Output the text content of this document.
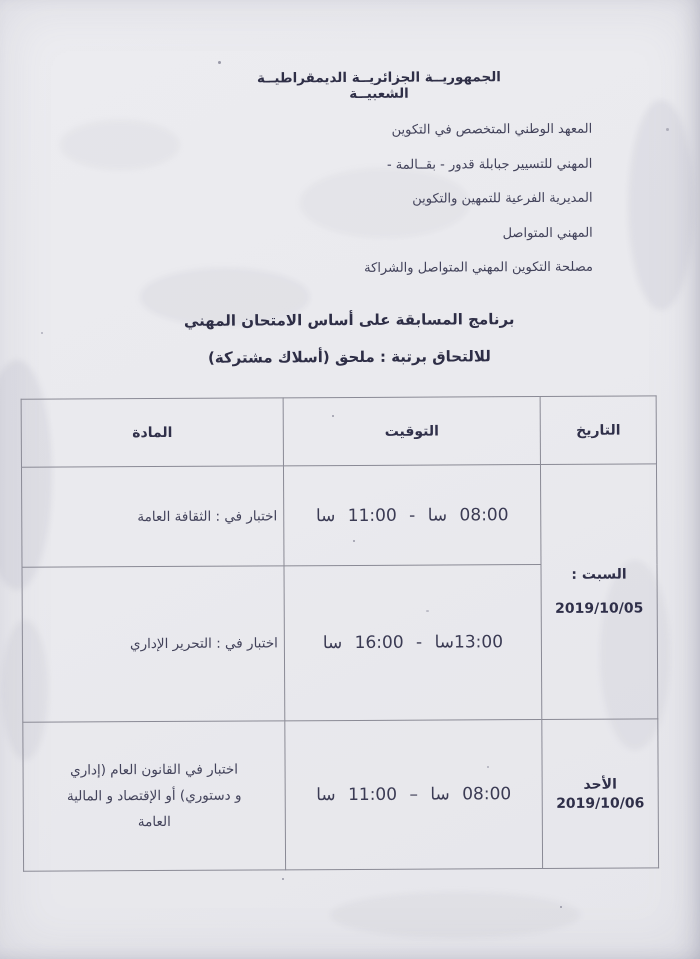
الجمهوريــة الجزائريــة الديمقراطيــة الشعبيــة
المعهد الوطني المتخصص في التكوين
المهني للتسيير جبابلة قدور - بقــالمة -
المديرية الفرعية للتمهين والتكوين
المهني المتواصل
مصلحة التكوين المهني المتواصل والشراكة
برنامج المسابقة على أساس الامتحان المهني
للالتحاق برتبة : ملحق (أسلاك مشتركة)
التاريخ	التوقيت	المادة

السبت :
2019/10/05	08:00 سا - 11:00 سا	اختبار في : الثقافة العامة
	13:00سا - 16:00 سا	اختبار في : التحرير الإداري

الأحد
2019/10/06	08:00 سا – 11:00 سا	اختبار في القانون العام (إداري و دستوري) أو الإقتصاد و المالية العامة
